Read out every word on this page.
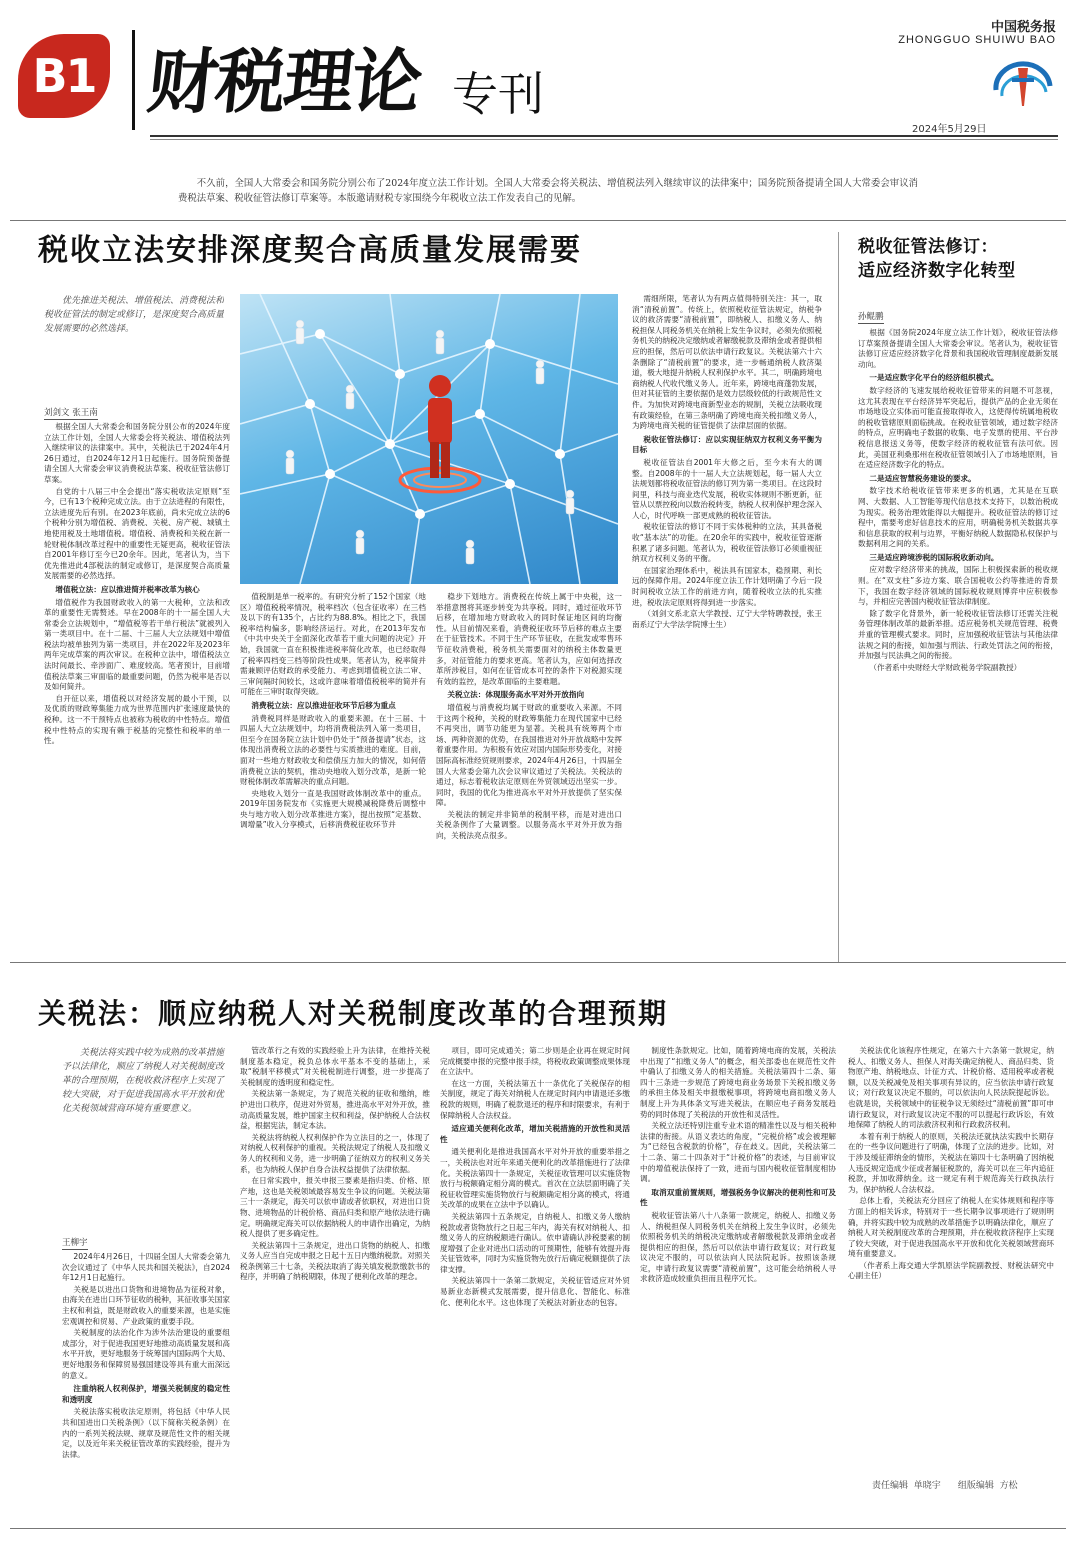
B1 财税理论 专刊
中国税务报
ZHONGGUO SHUIWU BAO
2024年5月29日
不久前，全国人大常委会和国务院分别公布了2024年度立法工作计划。全国人大常委会将关税法、增值税法列入继续审议的法律案中；国务院预备提请全国人大常委会审议消费税法草案、税收征管法修订草案等。本版邀请财税专家围绕今年税收立法工作发表自己的见解。
税收立法安排深度契合高质量发展需要
优先推进关税法、增值税法、消费税法和税收征管法的制定或修订，是深度契合高质量发展需要的必然选择。
刘剑文 张王南

根据全国人大常委会和国务院分别公布的2024年度立法工作计划，全国人大常委会将关税法、增值税法列入继续审议的法律案中。其中，关税法已于2024年4月26日通过，自2024年12月1日起施行。国务院预备提请全国人大常委会审议消费税法草案、税收征管法修订草案。

自党的十八届三中全会提出“落实税收法定原则”至今，已有13个税种完成立法。由于立法进程的有限性，立法进度先后有别。在2023年底前，尚未完成立法的6个税种分别为增值税、消费税、关税、房产税、城镇土地使用税及土地增值税。增值税、消费税和关税在新一轮财税体制改革过程中的重要性无疑更高，税收征管法自2001年修订至今已20余年。因此，笔者认为，当下优先推进此4部税法的制定或修订，是深度契合高质量发展需要的必然选择。

增值税立法：应以推进简并税率改革为核心

增值税作为我国财政收入的第一大税种，立法和改革的重要性无需赘述。早在2008年的十一届全国人大常委会立法规划中，“增值税等若干单行税法”就被列入第一类项目中。在十二届、十三届人大立法规划中增值税法均被单独列为第一类项目，并在2022年及2023年两年完成草案的两次审议。在税种立法中，增值税法立法时间最长、牵涉面广、难度较高。笔者预计，目前增值税法草案三审面临的最重要问题，仍然为税率是否以及如何简并。

自开征以来，增值税以对经济发展的最小干预，以及优质的财政筹集能力成为世界范围内扩张速度最快的税种。这一不干预特点也被称为税收的中性特点。增值税中性特点的实现有赖于税基的完整性和税率的单一性。

值税制是单一税率的。有研究分析了152个国家（地区）增值税税率情况，税率档次（包含征收率）在三档及以下的有135个，占比约为88.8%。相比之下，我国税率结构偏多，影响经济运行。对此，在2013年发布《中共中央关于全面深化改革若干重大问题的决定》开始，我国就一直在积极推进税率简化改革，也已经取得了税率四档变三档等阶段性成果。笔者认为，税率简并需兼顾评估财政的承受能力、考虑到增值税立法二审、三审间隔时间较长，这或许意味着增值税税率的简并有可能在三审时取得突破。

消费税立法：应以推进征收环节后移为重点

消费税同样是财政收入的重要来源。在十三届、十四届人大立法规划中，均将消费税法列入第一类项目，但至今在国务院立法计划中仍处于“预备提请”状态，这体现出消费税立法的必要性与实质推进的难度。目前，面对一些地方财政收支和偿债压力加大的情况，如何借消费税立法的契机，推动央地收入划分改革，是新一轮财税体制改革需解决的重点问题。

央地收入划分一直是我国财政体制改革中的重点。2019年国务院发布《实施更大规模减税降费后调整中央与地方收入划分改革推进方案》，提出按照“定基数、调增量”收入分享模式，后移消费税征收环节并

稳步下划地方。消费税在传统上属于中央税，这一举措意图将其逐步转变为共享税。同时，通过征收环节后移，在增加地方财政收入的同时保证地区间的均衡性。从目前情况来看，消费税征收环节后移的难点主要在于征管技术。不同于生产环节征收，在批发或零售环节征收消费税，税务机关需要面对的纳税主体数量更多，对征管能力的要求更高。笔者认为，应如何选择改革所涉税目，如何在征管成本可控的条件下对税源实现有效的监控，是改革面临的主要难题。

关税立法：体现服务高水平对外开放指向

增值税与消费税均属于财政的重要收入来源。不同于这两个税种，关税的财政筹集能力在现代国家中已经不再突出，调节功能更为显著。关税具有统筹两个市场、两种资源的优势，在我国推进对外开放战略中发挥着重要作用。为积极有效应对国内国际形势变化，对接国际高标准经贸规则要求，2024年4月26日，十四届全国人大常委会第九次会议审议通过了关税法。关税法的通过，标志着税收法定原则在外贸领域迈出坚实一步。同时，我国的优化为推进高水平对外开放提供了坚实保障。

关税法的制定并非简单的税制平移，而是对进出口关税条例作了大量调整。以服务高水平对外开放为指向，关税法亮点很多。

需细所限，笔者认为有两点值得特别关注：其一，取消“清税前置”。传统上，依照税收征管法规定，纳税争议的救济需要“清税前置”，即纳税人、扣缴义务人、纳税担保人同税务机关在纳税上发生争议时，必须先依照税务机关的纳税决定缴纳或者解缴税款及滞纳金或者提供相应的担保，然后可以依法申请行政复议。关税法第六十六条删除了“清税前置”的要求，进一步畅通纳税人救济渠道，极大地提升纳税人权利保护水平。其二，明确跨境电商纳税人代收代缴义务人。近年来，跨境电商蓬勃发展，但对其征管的主要依据仍是效力层级较低的行政规范性文件。为加快对跨境电商新型业态的规制，关税立法吸收现有政策经验，在第三条明确了跨境电商关税扣缴义务人，为跨境电商关税的征管提供了法律层面的依据。

税收征管法修订：应以实现征纳双方权利义务平衡为目标

税收征管法自2001年大修之后，至今未有大的调整。自2008年的十一届人大立法规划起，每一届人大立法规划都将税收征管法的修订列为第一类项目。在这段时间里，科技与商业迭代发展，税收实体规则不断更新，征管从以票控税向以数治税转变，纳税人权利保护理念深入人心，时代呼唤一部更成熟的税收征管法。

税收征管法的修订不同于实体税种的立法，其具备税收“基本法”的功能。在20余年的实践中，税收征管逐渐积累了诸多问题。笔者认为，税收征管法修订必须重视征纳双方权利义务的平衡。

在国家治理体系中，税法具有国家本，稳预期、利长远的保障作用。2024年度立法工作计划明确了今后一段时间税收立法工作的前进方向，随着税收立法的扎实推进，税收法定原则将得到进一步落实。

（刘剑文系北京大学教授、辽宁大学特聘教授，张王南系辽宁大学法学院博士生）

税收征管法修订：
适应经济数字化转型
孙鲲鹏

根据《国务院2024年度立法工作计划》，税收征管法修订草案预备提请全国人大常委会审议。笔者认为，税收征管法修订应适应经济数字化背景和我国税收管理制度最新发展动向。

一是适应数字化平台的经济组织模式。

数字经济的飞速发展给税收征管带来的问题不可忽视，这尤其表现在平台经济异军突起后，提供产品的企业无须在市场地设立实体而可能直接取得收入，这使得传统属地税收的税收管辖原则面临挑战。在税收征管领域，通过数字经济的特点，应明确电子数据的收集、电子发票的使用、平台涉税信息报送义务等，使数字经济的税收征管有法可依。因此，美国亚利桑那州在税收征管领域引入了市场地原则，旨在适应经济数字化的特点。

二是适应智慧税务建设的要求。

数字技术给税收征管带来更多的机遇，尤其是在互联网、大数据、人工智能等现代信息技术支持下，以数治税成为现实。税务治理效能得以大幅提升。税收征管法的修订过程中，需要考虑好信息技术的应用，明确税务机关数据共享和信息获取的权利与边界，平衡好纳税人数据隐私权保护与数据利用之间的关系。

三是适应跨境涉税的国际税收新动向。

应对数字经济带来的挑战，国际上积极探索新的税收规则。在“双支柱”多边方案、联合国税收公约等推进的背景下，我国在数字经济领域的国际税收规则博弈中应积极参与，并相应完善国内税收征管法律制度。

除了数字化背景外，新一轮税收征管法修订还需关注税务管理体制改革的最新举措。适应税务机关规范管理、税费并重的管理模式要求。同时，应加强税收征管法与其他法律法规之间的衔接，如加强与刑法、行政处罚法之间的衔接，并加强与民法典之间的衔接。

（作者系中央财经大学财政税务学院副教授）

关税法：顺应纳税人对关税制度改革的合理预期
关税法将实践中较为成熟的改革措施予以法律化，顺应了纳税人对关税制度改革的合理预期，在税收救济程序上实现了较大突破，对于促进我国高水平开放和优化关税领域营商环境有重要意义。
王柳宇

2024年4月26日，十四届全国人大常委会第九次会议通过了《中华人民共和国关税法》，自2024年12月1日起施行。

关税是以进出口货物和进境物品为征税对象，由海关在进出口环节征收的税种，其征收事关国家主权和利益，既是财政收入的重要来源，也是实施宏观调控和贸易、产业政策的重要手段。

关税制度的法治化作为涉外法治建设的重要组成部分，对于促进我国更好地推动高质量发展和高水平开放，更好地服务于统筹国内国际两个大局、更好地服务和保障贸易强国建设等具有重大而深远的意义。

注重纳税人权利保护，增强关税制度的稳定性和透明度

关税法落实税收法定原则，将包括《中华人民共和国进出口关税条例》（以下简称关税条例）在内的一系列关税法规、规章及规范性文件的相关规定，以及近年来关税征管改革的实践经验，提升为法律。

管改革行之有效的实践经验上升为法律，在维持关税制度基本稳定，税负总体水平基本不变的基础上，采取“税制平移模式”对关税税制进行调整，进一步提高了关税制度的透明度和稳定性。

关税法第一条规定，为了规范关税的征收和缴纳，维护进出口秩序，促进对外贸易，推进高水平对外开放，推动高质量发展，维护国家主权和利益，保护纳税人合法权益，根据宪法，制定本法。

关税法将纳税人权利保护作为立法目的之一，体现了对纳税人权利保护的重视。关税法规定了纳税人及扣缴义务人的权利和义务，进一步明确了征纳双方的权利义务关系，也为纳税人保护自身合法权益提供了法律依据。

在日常实践中，报关申报三要素是指归类、价格、原产地，这也是关税领域最容易发生争议的问题。关税法第三十一条规定，海关可以依申请或者依职权，对进出口货物、进境物品的计税价格、商品归类和原产地依法进行确定。明确规定海关可以依据纳税人的申请作出确定，为纳税人提供了更多确定性。

关税法第四十三条规定，进出口货物的纳税人、扣缴义务人应当自完成申报之日起十五日内缴纳税款。对照关税条例第三十七条，关税法取消了海关填发税款缴款书的程序，并明确了纳税期限，体现了便利化改革的理念。

项目，即可完成通关；第二步则是企业再在规定时间完成概要申报的完整申报手续，将税收政策调整成果体现在立法中。

在这一方面，关税法第五十一条优化了关税保存的相关制度，规定了海关对纳税人在规定时间内申请退还多缴税款的规则，明确了税款退还的程序和时限要求，有利于保障纳税人合法权益。

适应通关便利化改革，增加关税措施的开放性和灵活性

通关便利化是推进我国高水平对外开放的重要举措之一，关税法也对近年来通关便利化的改革措施进行了法律化。关税法第四十一条规定，关税征收管理可以实施货物放行与税额确定相分离的模式。首次在立法层面明确了关税征收管理实施货物放行与税额确定相分离的模式，将通关改革的成果在立法中予以确认。

关税法第四十五条规定，自纳税人、扣缴义务人缴纳税款或者货物放行之日起三年内，海关有权对纳税人、扣缴义务人的应纳税额进行确认。依申请确认涉税要素的制度增强了企业对进出口活动的可预期性，能够有效提升海关征管效率，同时为实施货物先放行后确定税额提供了法律支撑。

关税法第四十一条第二款规定，关税征管适应对外贸易新业态新模式发展需要，提升信息化、智能化、标准化、便利化水平。这也体现了关税法对新业态的包容。

制度性条款规定。比如，随着跨境电商的发展，关税法中出现了“扣缴义务人”的概念，相关部委也在规范性文件中确认了扣缴义务人的相关措施。关税法第四十二条、第四十三条进一步规范了跨境电商业务场景下关税扣缴义务的承担主体及相关申报缴税事项，将跨境电商扣缴义务人制度上升为具体条文写进关税法，在顺应电子商务发展趋势的同时体现了关税法的开放性和灵活性。

关税立法还特别注重专业术语的精准性以及与相关税种法律的衔接。从语义表达的角度，“完税价格”或会被理解为“已经包含税款的价格”，存在歧义。因此，关税法第二十二条、第二十四条对于“计税价格”的表述，与目前审议中的增值税法保持了一致，进而与国内税收征管制度相协调。

取消双重前置规则，增强税务争议解决的便利性和可及性

税收征管法第八十八条第一款规定，纳税人、扣缴义务人、纳税担保人同税务机关在纳税上发生争议时，必须先依照税务机关的纳税决定缴纳或者解缴税款及滞纳金或者提供相应的担保，然后可以依法申请行政复议；对行政复议决定不服的，可以依法向人民法院起诉。按照该条规定，申请行政复议需要“清税前置”，这可能会给纳税人寻求救济造成较重负担而且程序冗长。

关税法优化该程序性规定，在第六十六条第一款规定，纳税人、扣缴义务人、担保人对海关确定纳税人、商品归类、货物原产地、纳税地点、计征方式、计税价格、适用税率或者税额，以及关税减免及相关事项有异议的，应当依法申请行政复议；对行政复议决定不服的，可以依法向人民法院提起诉讼。也就是说，关税领域中的征税争议无须经过“清税前置”即可申请行政复议，对行政复议决定不服的可以提起行政诉讼，有效地保障了纳税人的司法救济权利和行政救济权利。

本着有利于纳税人的原则，关税法还就执法实践中长期存在的一些争议问题进行了明确，体现了立法的进步。比如，对于涉及缓征滞纳金的情形，关税法在第四十七条明确了因纳税人违反规定造成少征或者漏征税款的，海关可以在三年内追征税款，并加收滞纳金。这一规定有利于规范海关行政执法行为，保护纳税人合法权益。

总体上看，关税法充分回应了纳税人在实体规则和程序等方面上的相关诉求，特别对于一些长期争议事项进行了规则明确，并将实践中较为成熟的改革措施予以明确法律化，顺应了纳税人对关税制度改革的合理预期，并在税收救济程序上实现了较大突破，对于促进我国高水平开放和优化关税领域营商环境有重要意义。

（作者系上海交通大学凯原法学院副教授、财税法研究中心副主任）

责任编辑  单晓宇      组版编辑  方松
